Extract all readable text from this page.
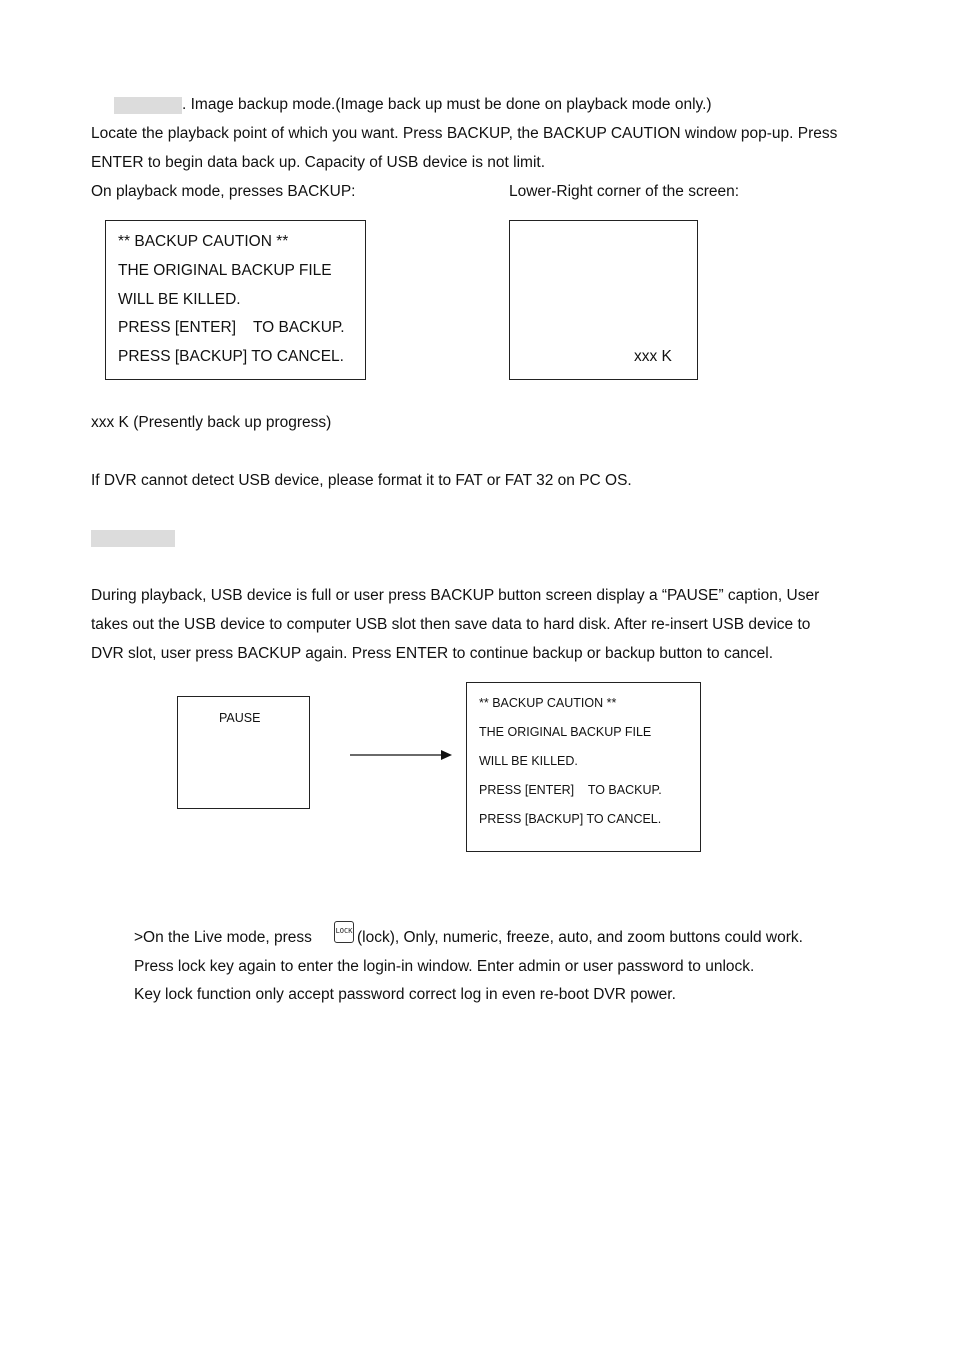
. Image backup mode.(Image back up must be done on playback mode only.)
Locate the playback point of which you want. Press BACKUP, the BACKUP CAUTION window pop-up. Press
ENTER to begin data back up. Capacity of USB device is not limit.
On playback mode, presses BACKUP:	Lower-Right corner of the screen:
** BACKUP CAUTION **
THE ORIGINAL BACKUP FILE
WILL BE KILLED.
PRESS [ENTER]    TO BACKUP.
PRESS [BACKUP] TO CANCEL.	xxx K
xxx K (Presently back up progress)
If DVR cannot detect USB device, please format it to FAT or FAT 32 on PC OS.
During playback, USB device is full or user press BACKUP button screen display a “PAUSE” caption, User
takes out the USB device to computer USB slot then save data to hard disk. After re-insert USB device to
DVR slot, user press BACKUP again. Press ENTER to continue backup or backup button to cancel.
PAUSE
** BACKUP CAUTION **
THE ORIGINAL BACKUP FILE
WILL BE KILLED.
PRESS [ENTER]    TO BACKUP.
PRESS [BACKUP] TO CANCEL.
>On the Live mode, press	LOCK (lock), Only, numeric, freeze, auto, and zoom buttons could work.
Press lock key again to enter the login-in window. Enter admin or user password to unlock.
Key lock function only accept password correct log in even re-boot DVR power.
